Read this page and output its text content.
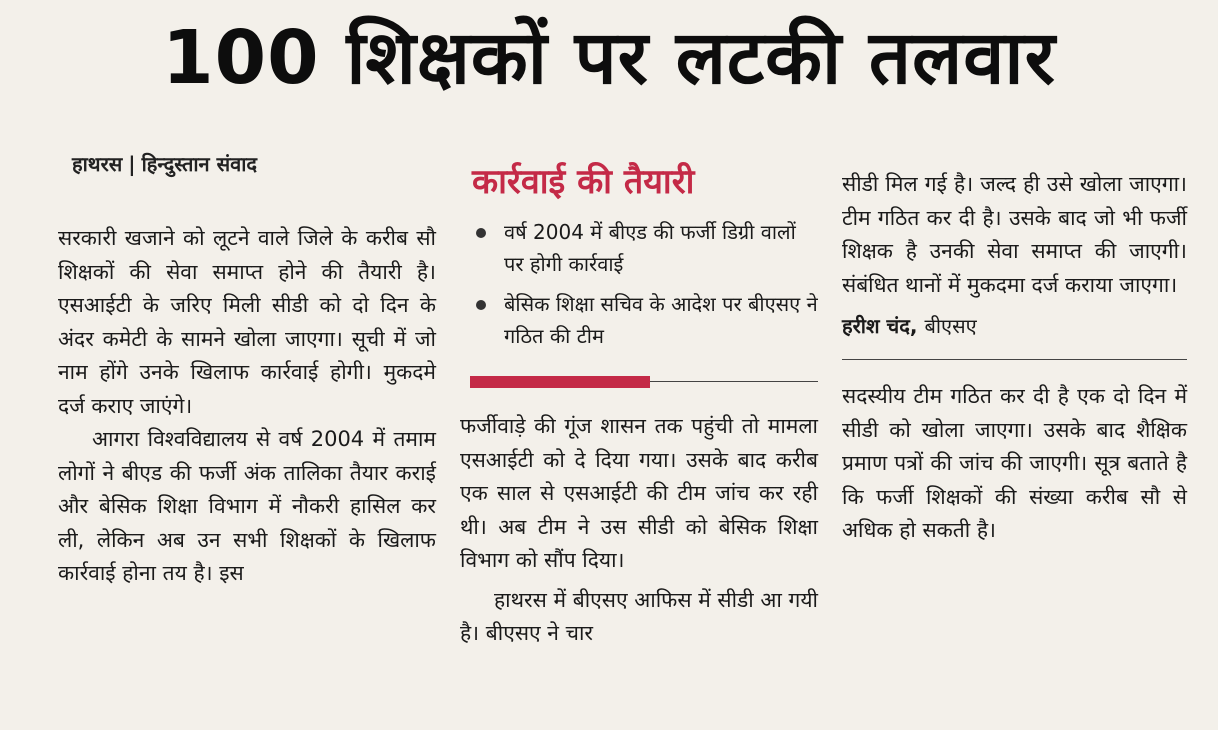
100 शिक्षकों पर लटकी तलवार
हाथरस | हिन्दुस्तान संवाद

सरकारी खजाने को लूटने वाले जिले के करीब सौ शिक्षकों की सेवा समाप्त होने की तैयारी है। एसआईटी के जरिए मिली सीडी को दो दिन के अंदर कमेटी के सामने खोला जाएगा। सूची में जो नाम होंगे उनके खिलाफ कार्रवाई होगी। मुकदमे दर्ज कराए जाएंगे।

आगरा विश्वविद्यालय से वर्ष 2004 में तमाम लोगों ने बीएड की फर्जी अंक तालिका तैयार कराई और बेसिक शिक्षा विभाग में नौकरी हासिल कर ली, लेकिन अब उन सभी शिक्षकों के खिलाफ कार्रवाई होना तय है। इस

कार्रवाई की तैयारी
वर्ष 2004 में बीएड की फर्जी डिग्री वालों पर होगी कार्रवाई
बेसिक शिक्षा सचिव के आदेश पर बीएसए ने गठित की टीम

फर्जीवाड़े की गूंज शासन तक पहुंची तो मामला एसआईटी को दे दिया गया। उसके बाद करीब एक साल से एसआईटी की टीम जांच कर रही थी। अब टीम ने उस सीडी को बेसिक शिक्षा विभाग को सौंप दिया।

हाथरस में बीएसए आफिस में सीडी आ गयी है। बीएसए ने चार

सीडी मिल गई है। जल्द ही उसे खोला जाएगा। टीम गठित कर दी है। उसके बाद जो भी फर्जी शिक्षक है उनकी सेवा समाप्त की जाएगी। संबंधित थानों में मुकदमा दर्ज कराया जाएगा।

हरीश चंद, बीएसए

सदस्यीय टीम गठित कर दी है एक दो दिन में सीडी को खोला जाएगा। उसके बाद शैक्षिक प्रमाण पत्रों की जांच की जाएगी। सूत्र बताते है कि फर्जी शिक्षकों की संख्या करीब सौ से अधिक हो सकती है।
